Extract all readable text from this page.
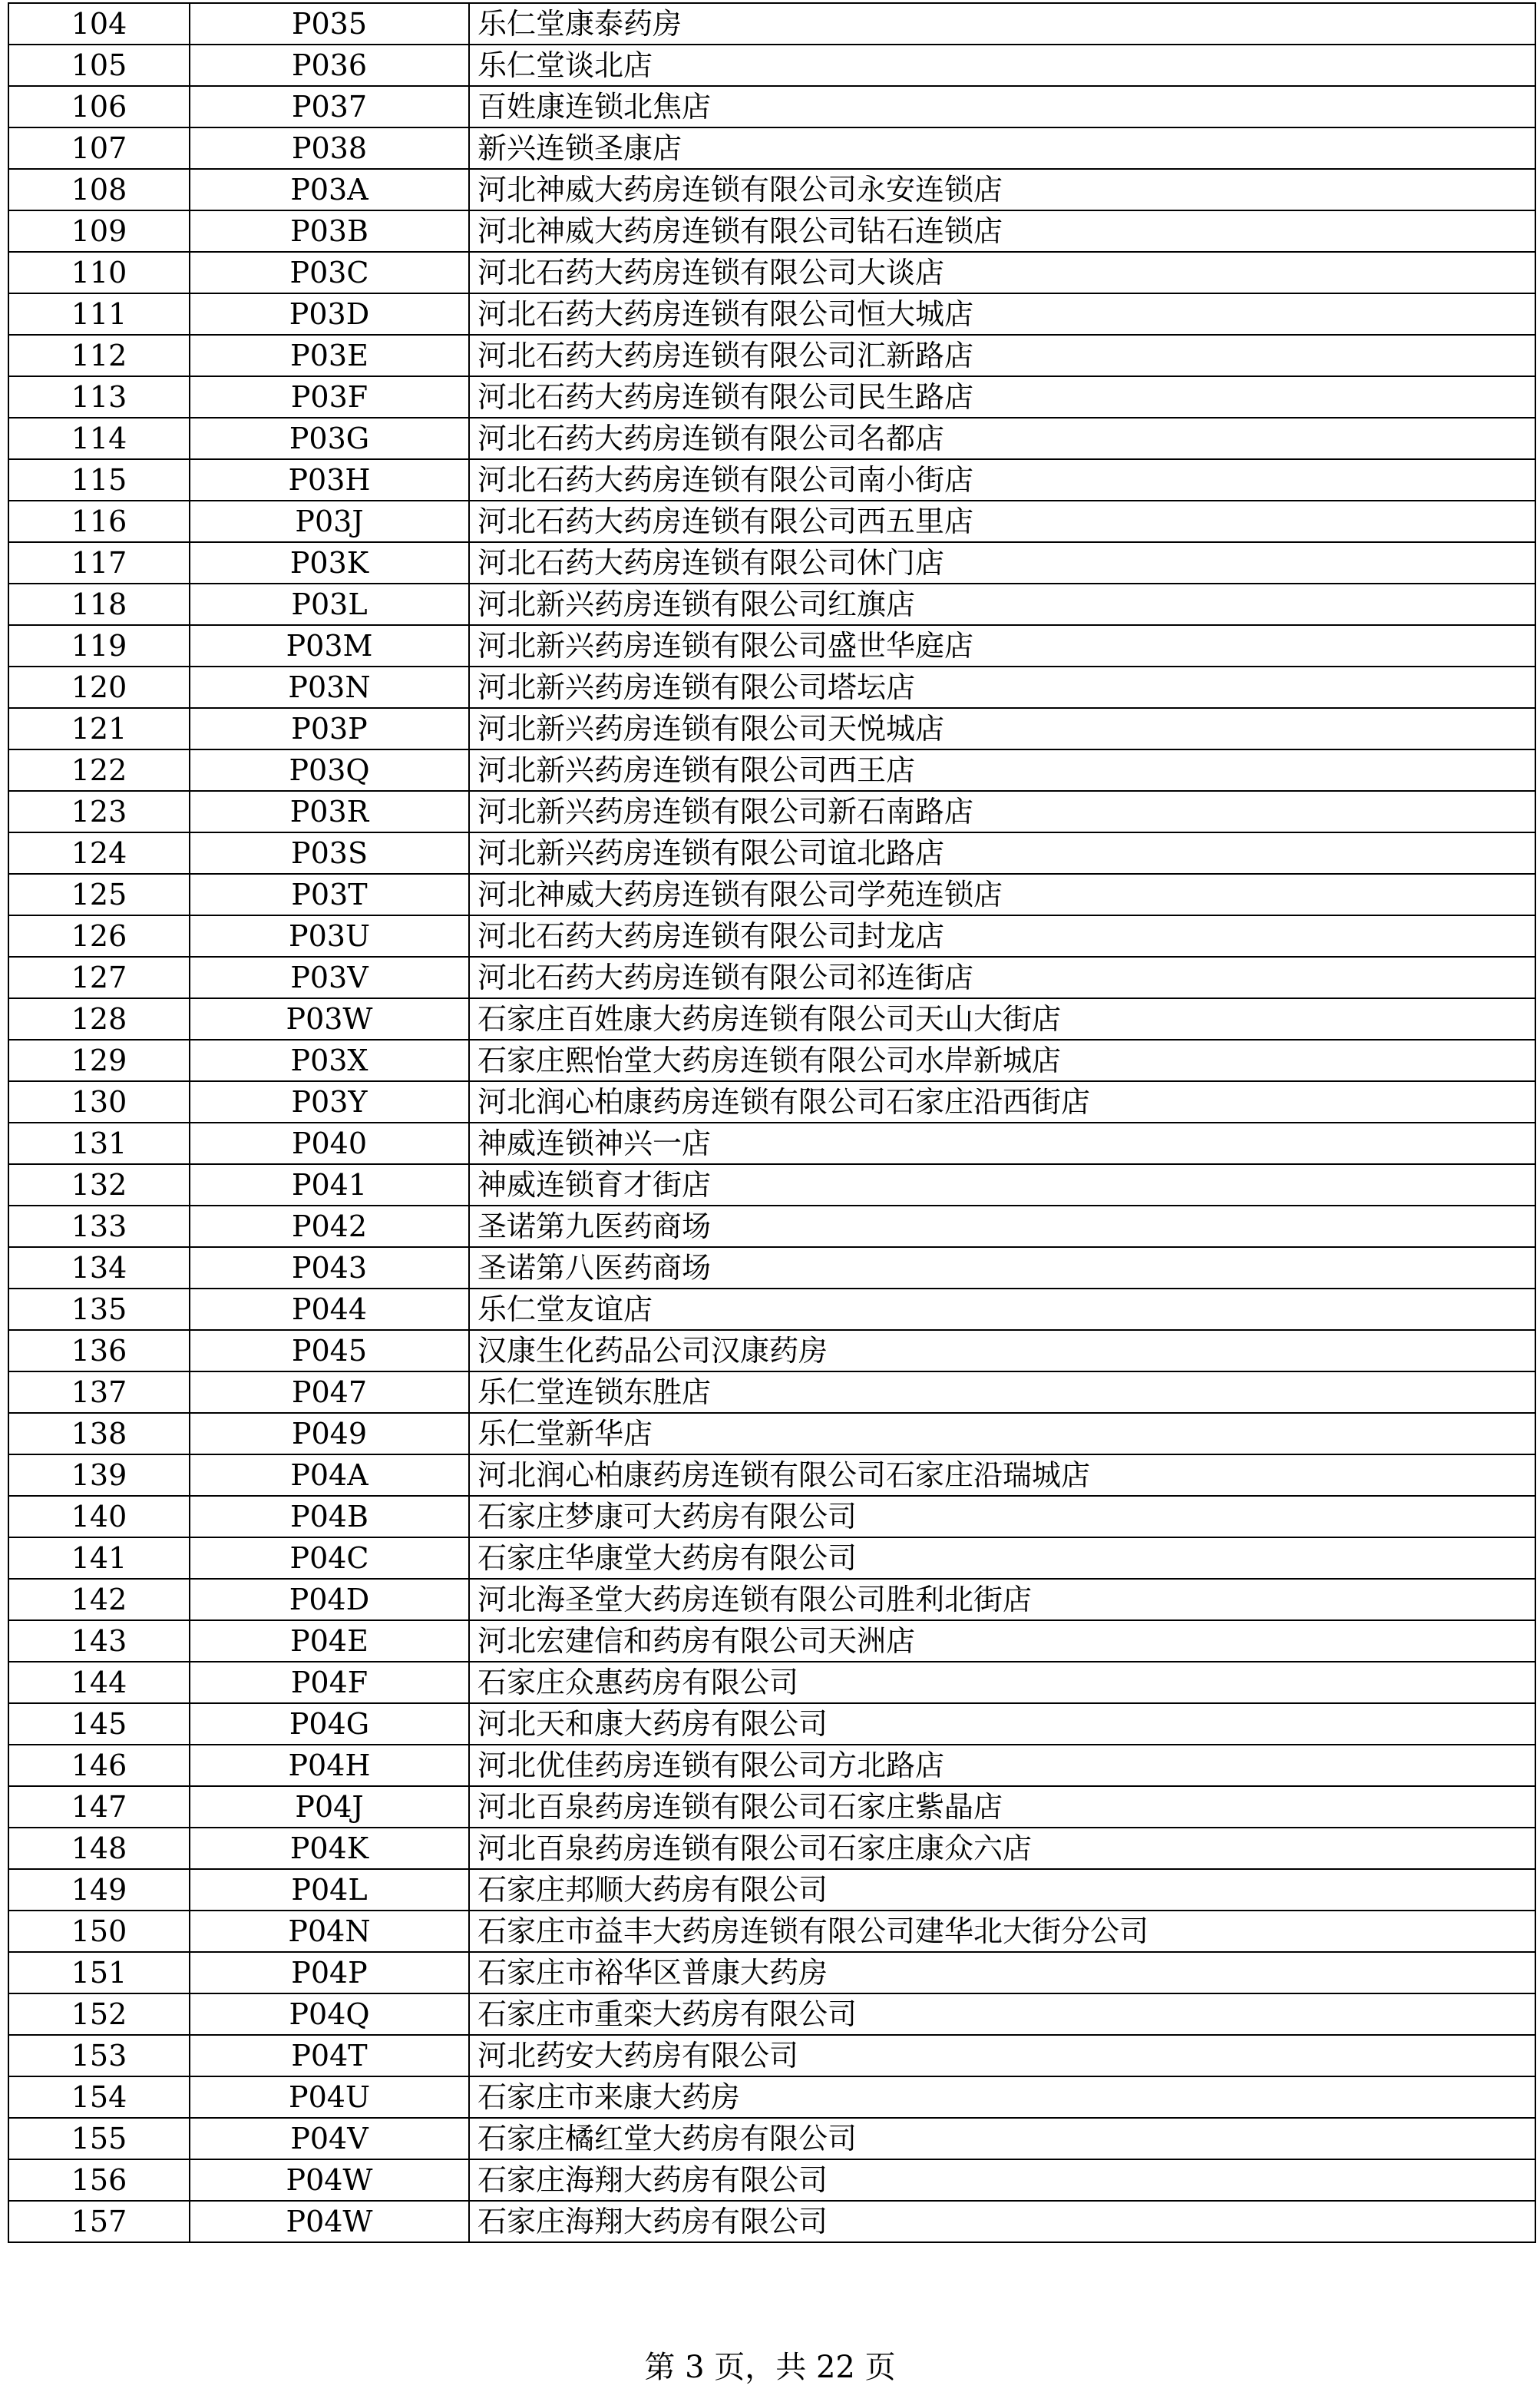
104	P035	乐仁堂康泰药房
105	P036	乐仁堂谈北店
106	P037	百姓康连锁北焦店
107	P038	新兴连锁圣康店
108	P03A	河北神威大药房连锁有限公司永安连锁店
109	P03B	河北神威大药房连锁有限公司钻石连锁店
110	P03C	河北石药大药房连锁有限公司大谈店
111	P03D	河北石药大药房连锁有限公司恒大城店
112	P03E	河北石药大药房连锁有限公司汇新路店
113	P03F	河北石药大药房连锁有限公司民生路店
114	P03G	河北石药大药房连锁有限公司名都店
115	P03H	河北石药大药房连锁有限公司南小街店
116	P03J	河北石药大药房连锁有限公司西五里店
117	P03K	河北石药大药房连锁有限公司休门店
118	P03L	河北新兴药房连锁有限公司红旗店
119	P03M	河北新兴药房连锁有限公司盛世华庭店
120	P03N	河北新兴药房连锁有限公司塔坛店
121	P03P	河北新兴药房连锁有限公司天悦城店
122	P03Q	河北新兴药房连锁有限公司西王店
123	P03R	河北新兴药房连锁有限公司新石南路店
124	P03S	河北新兴药房连锁有限公司谊北路店
125	P03T	河北神威大药房连锁有限公司学苑连锁店
126	P03U	河北石药大药房连锁有限公司封龙店
127	P03V	河北石药大药房连锁有限公司祁连街店
128	P03W	石家庄百姓康大药房连锁有限公司天山大街店
129	P03X	石家庄熙怡堂大药房连锁有限公司水岸新城店
130	P03Y	河北润心柏康药房连锁有限公司石家庄沿西街店
131	P040	神威连锁神兴一店
132	P041	神威连锁育才街店
133	P042	圣诺第九医药商场
134	P043	圣诺第八医药商场
135	P044	乐仁堂友谊店
136	P045	汉康生化药品公司汉康药房
137	P047	乐仁堂连锁东胜店
138	P049	乐仁堂新华店
139	P04A	河北润心柏康药房连锁有限公司石家庄沿瑞城店
140	P04B	石家庄梦康可大药房有限公司
141	P04C	石家庄华康堂大药房有限公司
142	P04D	河北海圣堂大药房连锁有限公司胜利北街店
143	P04E	河北宏建信和药房有限公司天洲店
144	P04F	石家庄众惠药房有限公司
145	P04G	河北天和康大药房有限公司
146	P04H	河北优佳药房连锁有限公司方北路店
147	P04J	河北百泉药房连锁有限公司石家庄紫晶店
148	P04K	河北百泉药房连锁有限公司石家庄康众六店
149	P04L	石家庄邦顺大药房有限公司
150	P04N	石家庄市益丰大药房连锁有限公司建华北大街分公司
151	P04P	石家庄市裕华区普康大药房
152	P04Q	石家庄市重栾大药房有限公司
153	P04T	河北药安大药房有限公司
154	P04U	石家庄市来康大药房
155	P04V	石家庄橘红堂大药房有限公司
156	P04W	石家庄海翔大药房有限公司
157	P04W	石家庄海翔大药房有限公司
第 3 页，共 22 页
